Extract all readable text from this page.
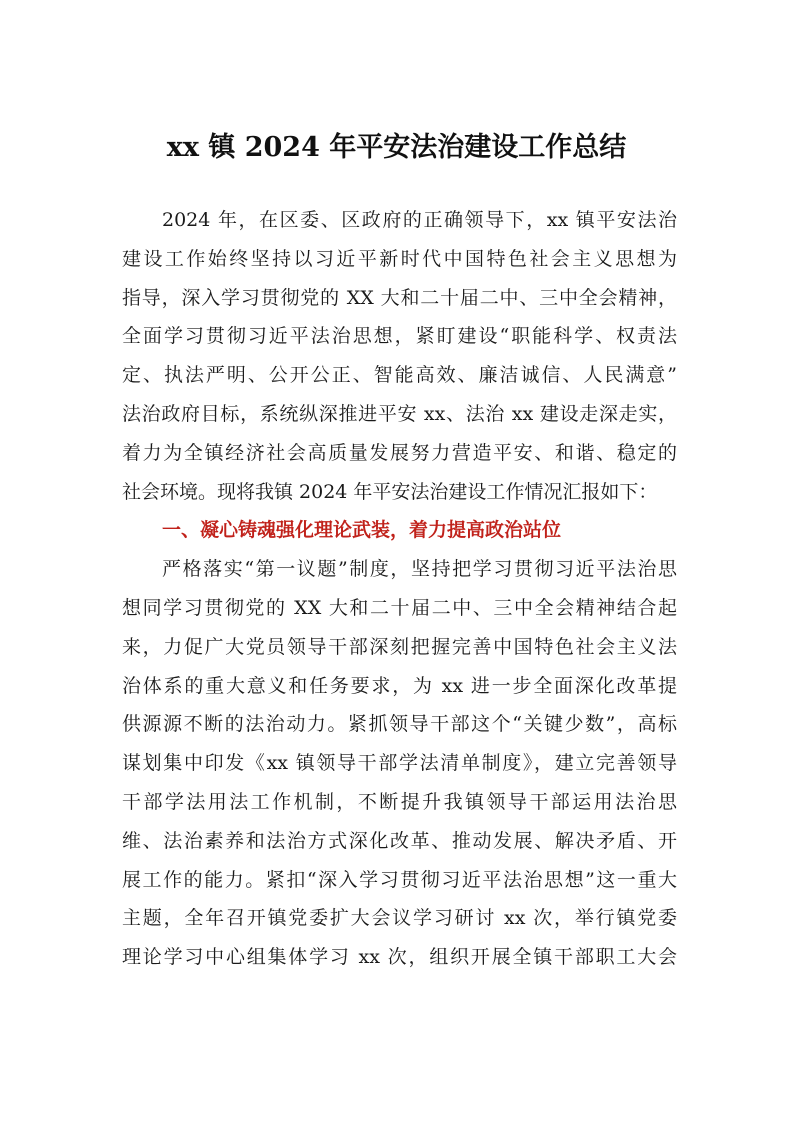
xx 镇 2024 年平安法治建设工作总结
2024 年，在区委、区政府的正确领导下，xx 镇平安法治
建设工作始终坚持以习近平新时代中国特色社会主义思想为
指导，深入学习贯彻党的 XX 大和二十届二中、三中全会精神，
全面学习贯彻习近平法治思想，紧盯建设“职能科学、权责法
定、执法严明、公开公正、智能高效、廉洁诚信、人民满意”
法治政府目标，系统纵深推进平安 xx、法治 xx 建设走深走实，
着力为全镇经济社会高质量发展努力营造平安、和谐、稳定的
社会环境。现将我镇 2024 年平安法治建设工作情况汇报如下：
一、凝心铸魂强化理论武装，着力提高政治站位
严格落实“第一议题”制度，坚持把学习贯彻习近平法治思
想同学习贯彻党的 XX 大和二十届二中、三中全会精神结合起
来，力促广大党员领导干部深刻把握完善中国特色社会主义法
治体系的重大意义和任务要求，为 xx 进一步全面深化改革提
供源源不断的法治动力。紧抓领导干部这个“关键少数”，高标
谋划集中印发《xx 镇领导干部学法清单制度》，建立完善领导
干部学法用法工作机制，不断提升我镇领导干部运用法治思
维、法治素养和法治方式深化改革、推动发展、解决矛盾、开
展工作的能力。紧扣“深入学习贯彻习近平法治思想”这一重大
主题，全年召开镇党委扩大会议学习研讨 xx 次，举行镇党委
理论学习中心组集体学习 xx 次，组织开展全镇干部职工大会
